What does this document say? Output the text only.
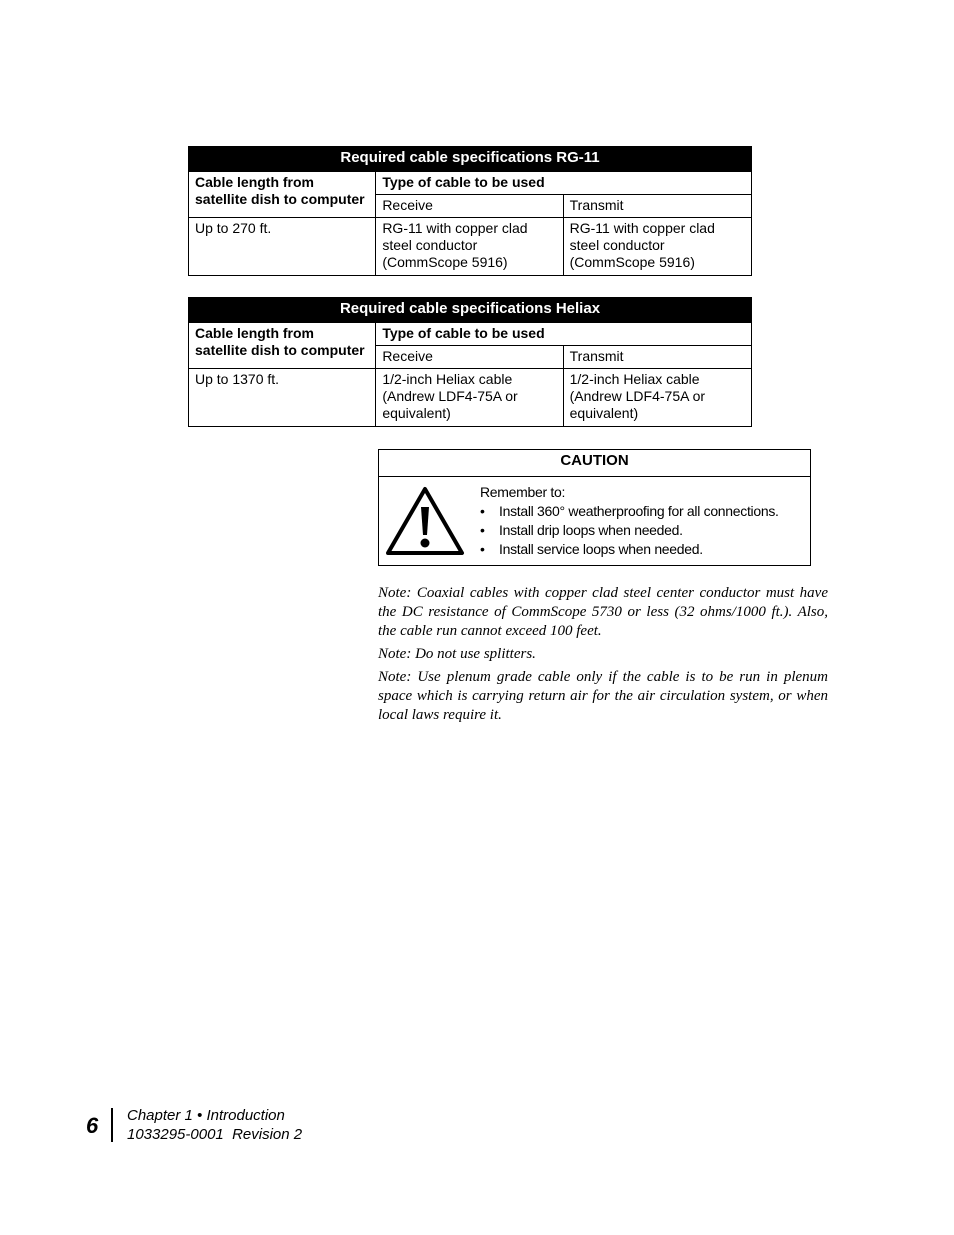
Required cable specifications RG-11		
Cable length from satellite dish to computer	Type of cable to be used	
	Receive	Transmit
Up to 270 ft.	RG-11 with copper clad steel conductor (CommScope 5916)	RG-11 with copper clad steel conductor (CommScope 5916)
Required cable specifications Heliax		
Cable length from satellite dish to computer	Type of cable to be used	
	Receive	Transmit
Up to 1370 ft.	1/2-inch Heliax cable (Andrew LDF4-75A or equivalent)	1/2-inch Heliax cable (Andrew LDF4-75A or equivalent)
CAUTION
Remember to:
• Install 360° weatherproofing for all connections.
• Install drip loops when needed.
• Install service loops when needed.

Note: Coaxial cables with copper clad steel center conductor must have the DC resistance of CommScope 5730 or less (32 ohms/1000 ft.). Also, the cable run cannot exceed 100 feet.

Note: Do not use splitters.

Note: Use plenum grade cable only if the cable is to be run in plenum space which is carrying return air for the air circulation system, or when local laws require it.

6 Chapter 1 • Introduction
1033295-0001  Revision 2
